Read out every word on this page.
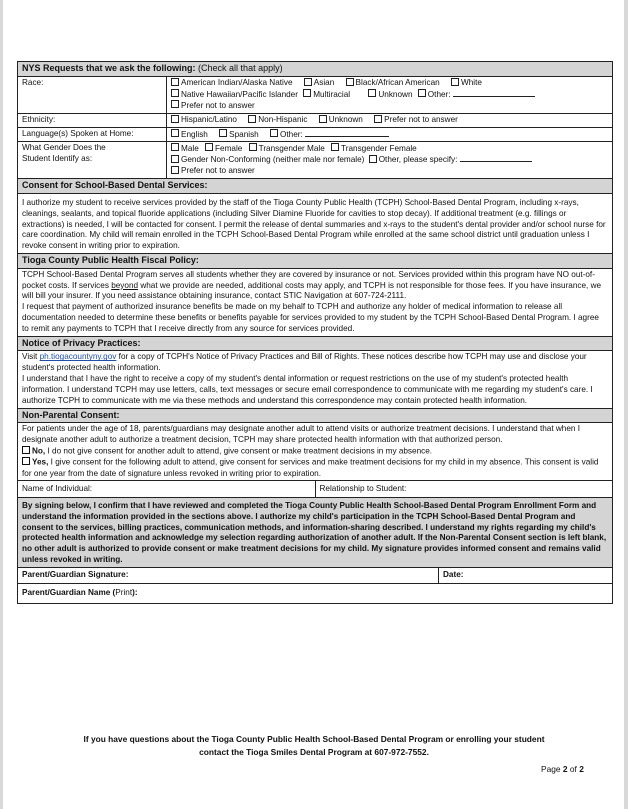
NYS Requests that we ask the following: (Check all that apply)
Race:	American Indian/Alaska Native	Asian	Black/African American	White
Native Hawaiian/Pacific Islander Multiracial	Unknown Other:
Prefer not to answer
Ethnicity:	Hispanic/Latino	Non-Hispanic	Unknown	Prefer not to answer
Language(s) Spoken at Home:	English	Spanish	Other:
What Gender Does the
Student Identify as:
Male Female Transgender Male Transgender Female
Gender Non-Conforming (neither male nor female) Other, please specify:
Prefer not to answer
Consent for School-Based Dental Services:
I authorize my student to receive services provided by the staff of the Tioga County Public Health (TCPH) School-Based Dental Program, including x-rays, cleanings, sealants, and topical fluoride applications (including Silver Diamine Fluoride for cavities to stop decay). If additional treatment (e.g. fillings or extractions) is needed, I will be contacted for consent. I permit the release of dental summaries and x-rays to the student's dental provider and/or school nurse for care coordination. My child will remain enrolled in the TCPH School-Based Dental Program while enrolled at the same school district until graduation unless I revoke consent in writing prior to expiration.
Tioga County Public Health Fiscal Policy:

TCPH School-Based Dental Program serves all students whether they are covered by insurance or not. Services provided within this program have NO out-of-pocket costs. If services beyond what we provide are needed, additional costs may apply, and TCPH is not responsible for those fees. If you have insurance, we will bill your insurer. If you need assistance obtaining insurance, contact STIC Navigation at 607-724-2111.

I request that payment of authorized insurance benefits be made on my behalf to TCPH and authorize any holder of medical information to release all documentation needed to determine these benefits or benefits payable for services provided to my student by the TCPH School-Based Dental Program. I agree to remit any payments to TCPH that I receive directly from any source for services provided.

Notice of Privacy Practices:

Visit ph.tiogacountyny.gov for a copy of TCPH's Notice of Privacy Practices and Bill of Rights. These notices describe how TCPH may use and disclose your student's protected health information.

I understand that I have the right to receive a copy of my student's dental information or request restrictions on the use of my student's protected health information. I understand TCPH may use letters, calls, text messages or secure email correspondence to communicate with me regarding my student's care. I authorize TCPH to communicate with me via these methods and understand this correspondence may contain protected health information.

Non-Parental Consent:

For patients under the age of 18, parents/guardians may designate another adult to attend visits or authorize treatment decisions. I understand that when I designate another adult to authorize a treatment decision, TCPH may share protected health information with that authorized person.

No, I do not give consent for another adult to attend, give consent or make treatment decisions in my absence.

Yes, I give consent for the following adult to attend, give consent for services and make treatment decisions for my child in my absence. This consent is valid for one year from the date of signature unless revoked in writing prior to expiration.

Name of Individual:	Relationship to Student:
By signing below, I confirm that I have reviewed and completed the Tioga County Public Health School-Based Dental Program Enrollment Form and understand the information provided in the sections above. I authorize my child's participation in the TCPH School-Based Dental Program and consent to the services, billing practices, communication methods, and information-sharing described. I understand my rights regarding my child's protected health information and acknowledge my selection regarding authorization of another adult. If the Non-Parental Consent section is left blank, no other adult is authorized to provide consent or make treatment decisions for my child. My signature provides informed consent and remains valid unless revoked in writing.
Parent/Guardian Signature:	Date:
Parent/Guardian Name (Print):
If you have questions about the Tioga County Public Health School-Based Dental Program or enrolling your student
contact the Tioga Smiles Dental Program at 607-972-7552.
Page 2 of 2
